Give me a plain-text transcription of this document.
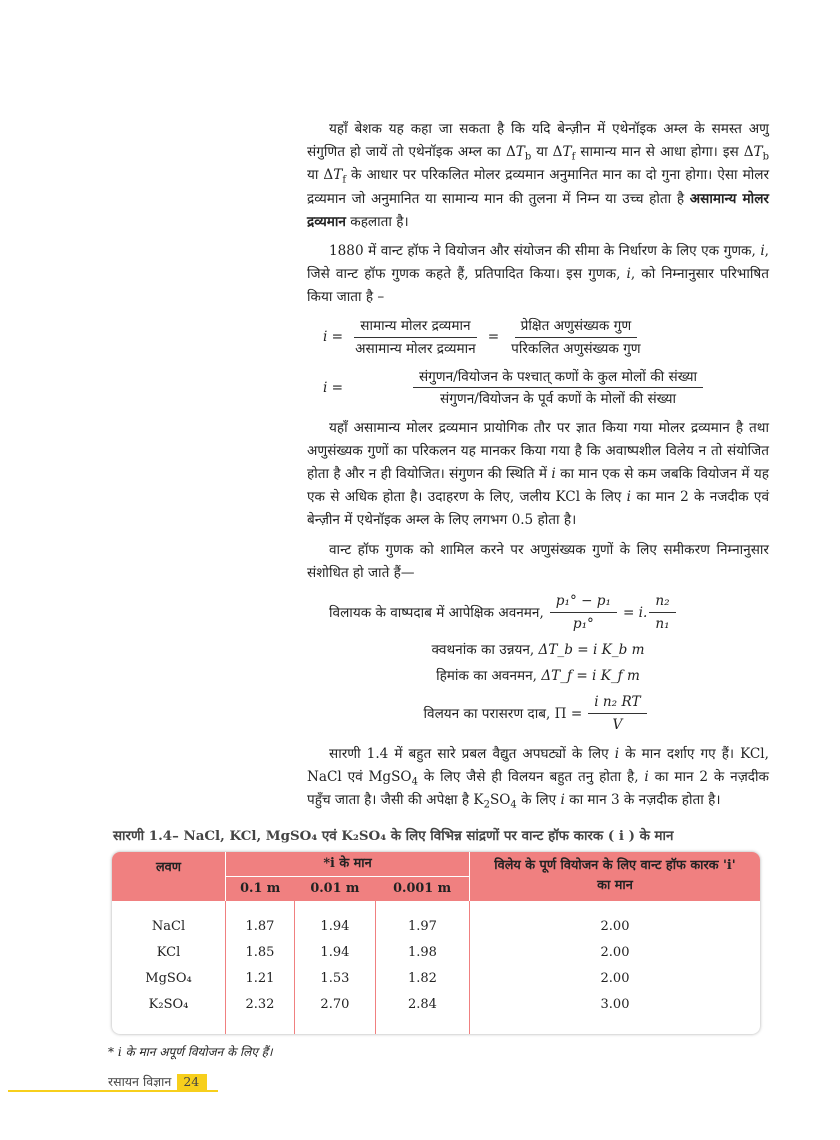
यहाँ बेशक यह कहा जा सकता है कि यदि बेन्ज़ीन में एथेनॉइक अम्ल के समस्त अणु संगुणित हो जायें तो एथेनॉइक अम्ल का $\Delta T_b$ या $\Delta T_f$ सामान्य मान से आधा होगा। इस $\Delta T_b$ या $\Delta T_f$ के आधार पर परिकलित मोलर द्रव्यमान अनुमानित मान का दो गुना होगा। ऐसा मोलर द्रव्यमान जो अनुमानित या सामान्य मान की तुलना में निम्न या उच्च होता है असामान्य मोलर द्रव्यमान कहलाता है।

1880 में वान्ट हॉफ ने वियोजन और संयोजन की सीमा के निर्धारण के लिए एक गुणक, i, जिसे वान्ट हॉफ गुणक कहते हैं, प्रतिपादित किया। इस गुणक, i, को निम्नानुसार परिभाषित किया जाता है –

$i = \frac{\text{सामान्य मोलर द्रव्यमान}}{\text{असामान्य मोलर द्रव्यमान}} = \frac{\text{प्रेक्षित अणुसंख्यक गुण}}{\text{परिकलित अणुसंख्यक गुण}}$
$i = \frac{\text{संगुणन/वियोजन के पश्चात् कणों के कुल मोलों की संख्या}}{\text{संगुणन/वियोजन के पूर्व कणों के मोलों की संख्या}}$

यहाँ असामान्य मोलर द्रव्यमान प्रायोगिक तौर पर ज्ञात किया गया मोलर द्रव्यमान है तथा अणुसंख्यक गुणों का परिकलन यह मानकर किया गया है कि अवाष्पशील विलेय न तो संयोजित होता है और न ही वियोजित। संगुणन की स्थिति में i का मान एक से कम जबकि वियोजन में यह एक से अधिक होता है। उदाहरण के लिए, जलीय KCl के लिए i का मान 2 के नजदीक एवं बेन्ज़ीन में एथेनॉइक अम्ल के लिए लगभग 0.5 होता है।

वान्ट हॉफ गुणक को शामिल करने पर अणुसंख्यक गुणों के लिए समीकरण निम्नानुसार संशोधित हो जाते हैं—

विलायक के वाष्पदाब में आपेक्षिक अवनमन, $\frac{\text{p₁° − p₁}}{\text{p₁°}} = i$. $\frac{\text{n₂}}{\text{n₁}}$
क्वथनांक का उन्नयन,
ΔT_b = i K_b m
हिमांक का अवनमन,
ΔT_f = i K_f m
विलयन का परासरण दाब,
$\Pi = \frac{\text{i n₂ RT}}{V}$

सारणी 1.4 में बहुत सारे प्रबल वैद्युत अपघट्यों के लिए i के मान दर्शाए गए हैं। KCl, NaCl एवं MgSO$_4$ के लिए जैसे ही विलयन बहुत तनु होता है, i का मान 2 के नज़दीक पहुँच जाता है। जैसी की अपेक्षा है $K_2SO_4$ के लिए i का मान 3 के नज़दीक होता है।

सारणी 1.4– NaCl, KCl, MgSO₄ एवं K₂SO₄ के लिए विभिन्न सांद्रणों पर वान्ट हॉफ कारक ( i ) के मान
लवण	*i के मान			विलेय के पूर्ण वियोजन के लिए वान्ट हॉफ कारक 'i' का मान
	0.1 m	0.01 m	0.001 m	
NaCl	1.87	1.94	1.97	2.00
KCl	1.85	1.94	1.98	2.00
MgSO₄	1.21	1.53	1.82	2.00
K₂SO₄	2.32	2.70	2.84	3.00

* i के मान अपूर्ण वियोजन के लिए हैं।
रसायन विज्ञान 24
